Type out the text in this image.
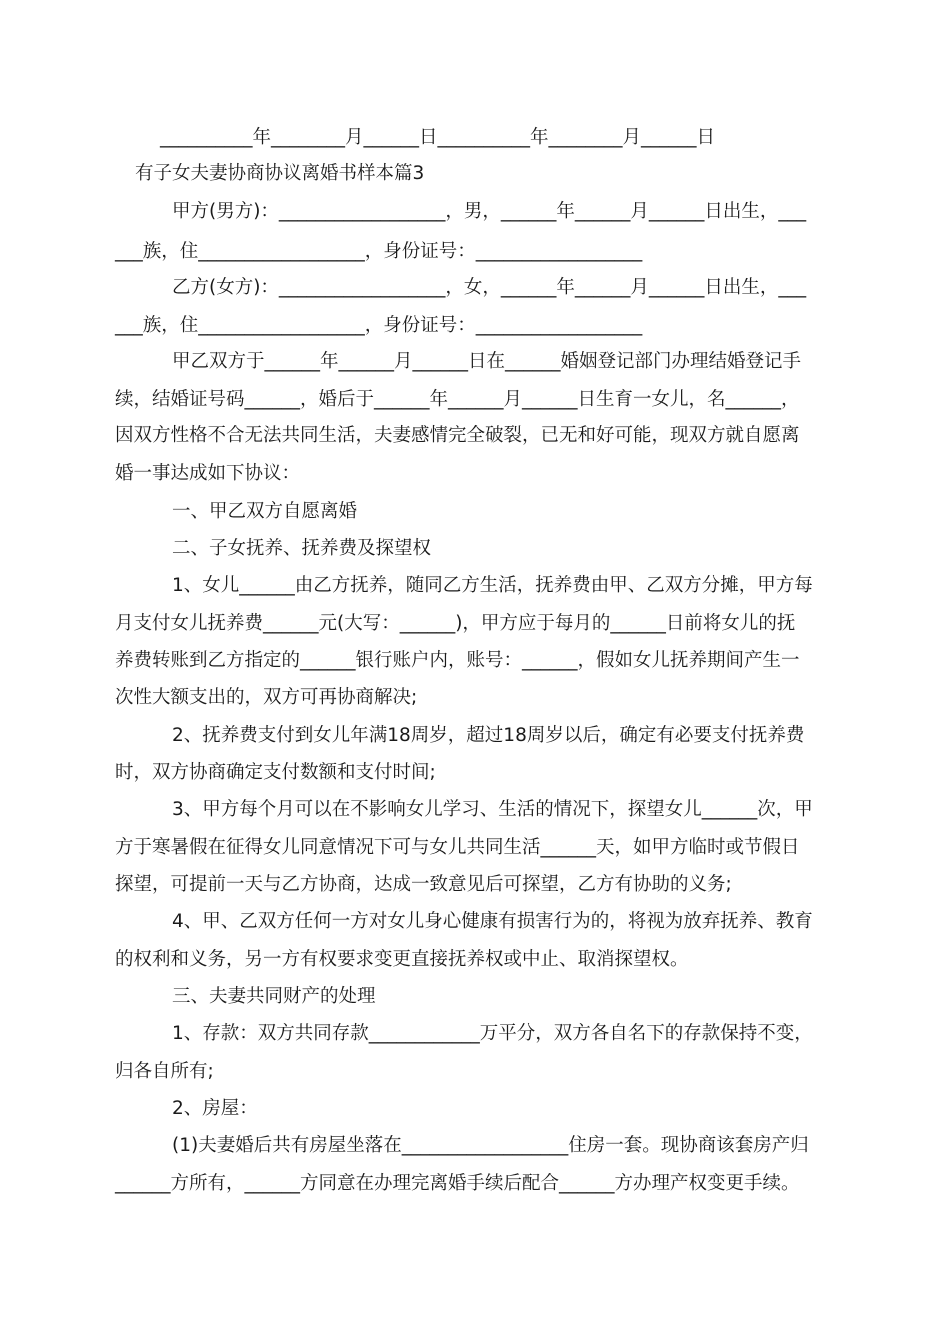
__________年________月______日__________年________月______日
有子女夫妻协商协议离婚书样本篇3
甲方(男方)：__________________，男，______年______月______日出生，___
___族，住__________________，身份证号：__________________
乙方(女方)：__________________，女，______年______月______日出生，___
___族，住__________________，身份证号：__________________
甲乙双方于______年______月______日在______婚姻登记部门办理结婚登记手
续，结婚证号码______，婚后于______年______月______日生育一女儿，名______，
因双方性格不合无法共同生活，夫妻感情完全破裂，已无和好可能，现双方就自愿离
婚一事达成如下协议：
一、甲乙双方自愿离婚
二、子女抚养、抚养费及探望权
1、女儿______由乙方抚养，随同乙方生活，抚养费由甲、乙双方分摊，甲方每
月支付女儿抚养费______元(大写：______)，甲方应于每月的______日前将女儿的抚
养费转账到乙方指定的______银行账户内，账号：______，假如女儿抚养期间产生一
次性大额支出的，双方可再协商解决;
2、抚养费支付到女儿年满18周岁，超过18周岁以后，确定有必要支付抚养费
时，双方协商确定支付数额和支付时间;
3、甲方每个月可以在不影响女儿学习、生活的情况下，探望女儿______次，甲
方于寒暑假在征得女儿同意情况下可与女儿共同生活______天，如甲方临时或节假日
探望，可提前一天与乙方协商，达成一致意见后可探望，乙方有协助的义务;
4、甲、乙双方任何一方对女儿身心健康有损害行为的，将视为放弃抚养、教育
的权利和义务，另一方有权要求变更直接抚养权或中止、取消探望权。
三、夫妻共同财产的处理
1、存款：双方共同存款____________万平分，双方各自名下的存款保持不变，
归各自所有;
2、房屋：
(1)夫妻婚后共有房屋坐落在__________________住房一套。现协商该套房产归
______方所有，______方同意在办理完离婚手续后配合______方办理产权变更手续。
